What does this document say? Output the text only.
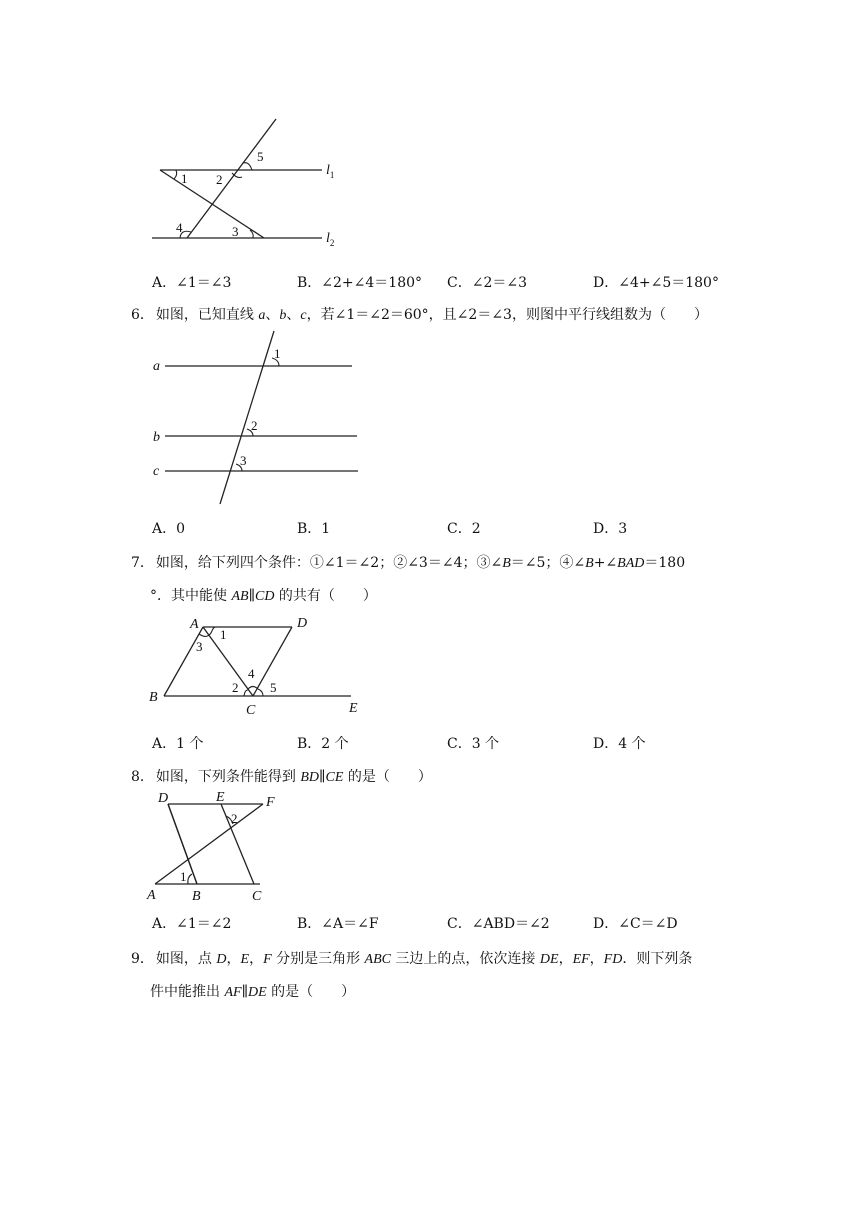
1 2
5
4	3
$l_1$
$l_2$
A．∠1＝∠3	B．∠2+∠4＝180° C．∠2＝∠3	D．∠4+∠5＝180°
6． 如图，已知直线 a、b、c，若∠1＝∠2＝60°，且∠2＝∠3，则图中平行线组数为（　　）
a
b
c
1
2
3
A．0	B．1	C．2	D．3
7． 如图，给下列四个条件：①∠1＝∠2；②∠3＝∠4；③∠B＝∠5；④∠B+∠BAD＝180
°．其中能使 AB∥CD 的共有（　　）
A	D
B
C	E
1
3
4
2 5
A．1 个	B．2 个	C．3 个	D．4 个
8． 如图，下列条件能得到 BD∥CE 的是（　　）
D	E	F
A	B	C
1
2
A．∠1＝∠2	B．∠A＝∠F	C．∠ABD＝∠2	D．∠C＝∠D
9． 如图，点 D，E，F 分别是三角形 ABC 三边上的点，依次连接 DE，EF，FD．则下列条
件中能推出 AF∥DE 的是（　　）
